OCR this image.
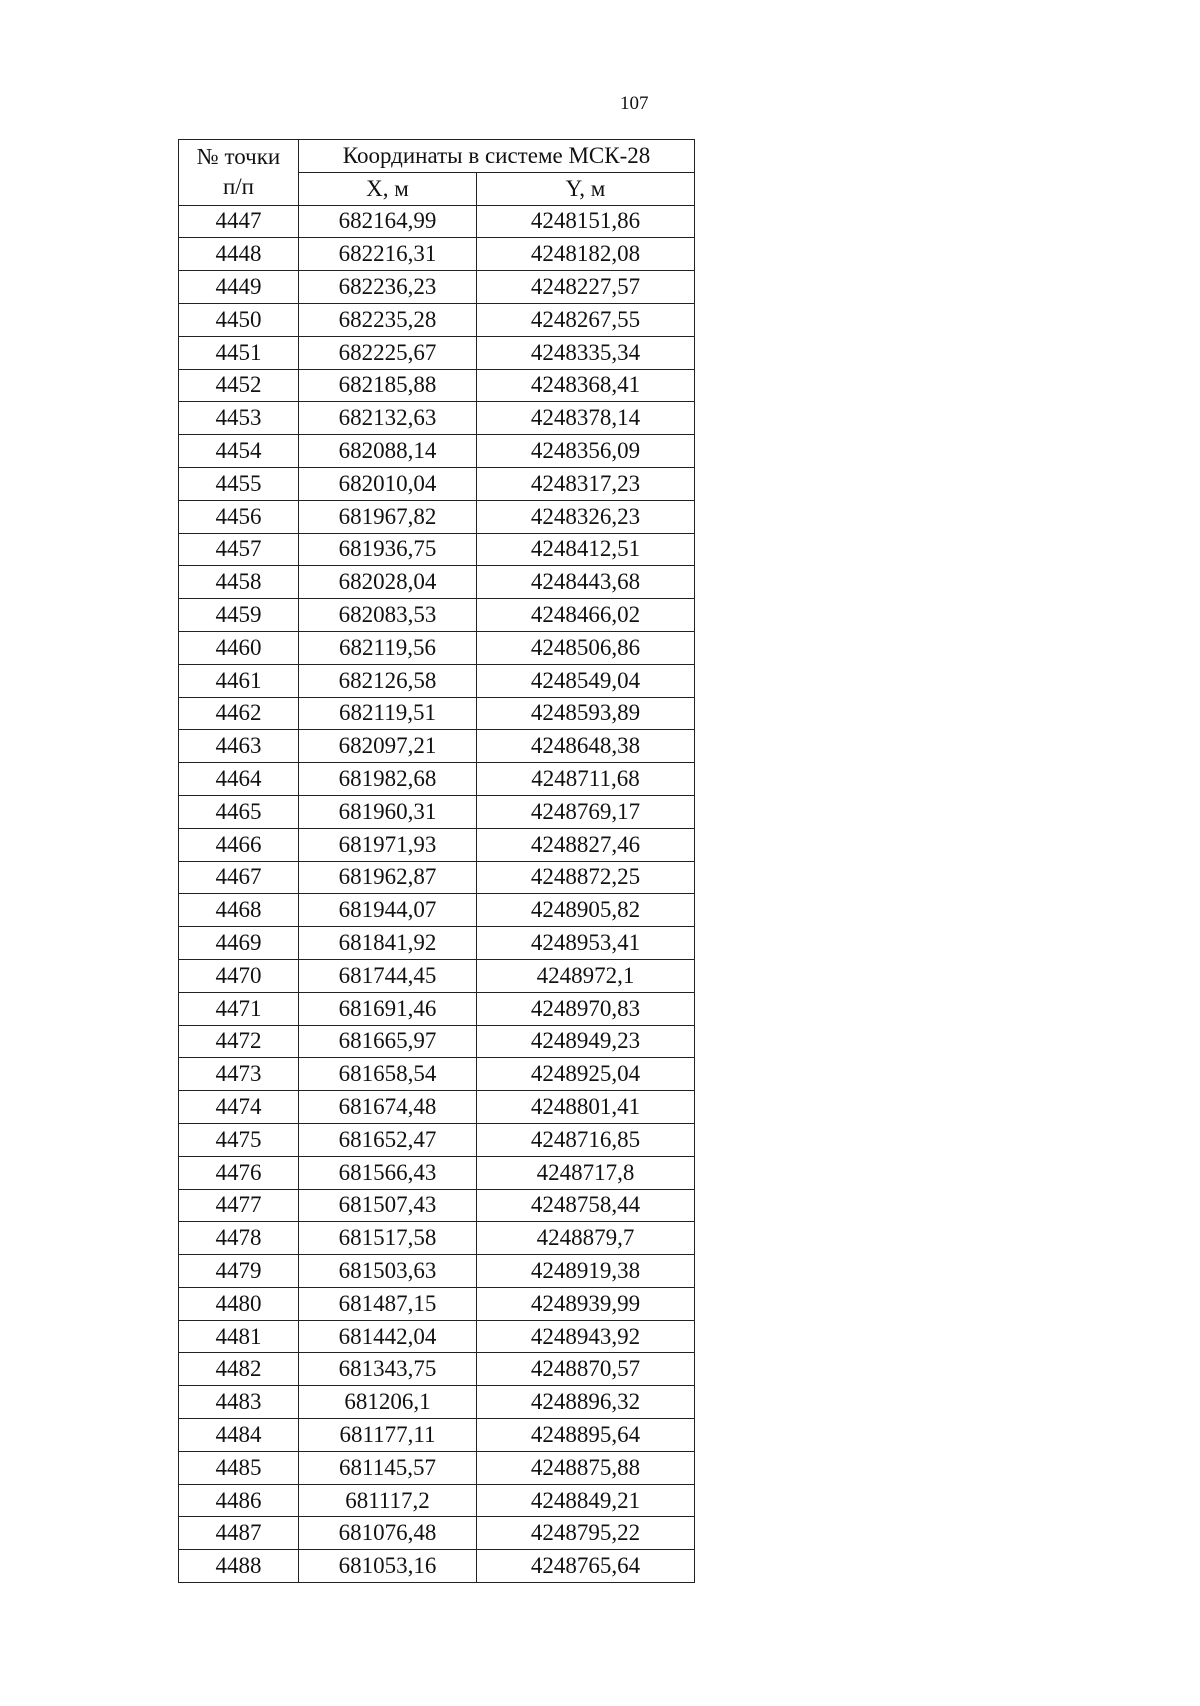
107
№ точки
п/п	Координаты в системе МСК-28	
	X, м	Y, м
4447	682164,99	4248151,86
4448	682216,31	4248182,08
4449	682236,23	4248227,57
4450	682235,28	4248267,55
4451	682225,67	4248335,34
4452	682185,88	4248368,41
4453	682132,63	4248378,14
4454	682088,14	4248356,09
4455	682010,04	4248317,23
4456	681967,82	4248326,23
4457	681936,75	4248412,51
4458	682028,04	4248443,68
4459	682083,53	4248466,02
4460	682119,56	4248506,86
4461	682126,58	4248549,04
4462	682119,51	4248593,89
4463	682097,21	4248648,38
4464	681982,68	4248711,68
4465	681960,31	4248769,17
4466	681971,93	4248827,46
4467	681962,87	4248872,25
4468	681944,07	4248905,82
4469	681841,92	4248953,41
4470	681744,45	4248972,1
4471	681691,46	4248970,83
4472	681665,97	4248949,23
4473	681658,54	4248925,04
4474	681674,48	4248801,41
4475	681652,47	4248716,85
4476	681566,43	4248717,8
4477	681507,43	4248758,44
4478	681517,58	4248879,7
4479	681503,63	4248919,38
4480	681487,15	4248939,99
4481	681442,04	4248943,92
4482	681343,75	4248870,57
4483	681206,1	4248896,32
4484	681177,11	4248895,64
4485	681145,57	4248875,88
4486	681117,2	4248849,21
4487	681076,48	4248795,22
4488	681053,16	4248765,64
